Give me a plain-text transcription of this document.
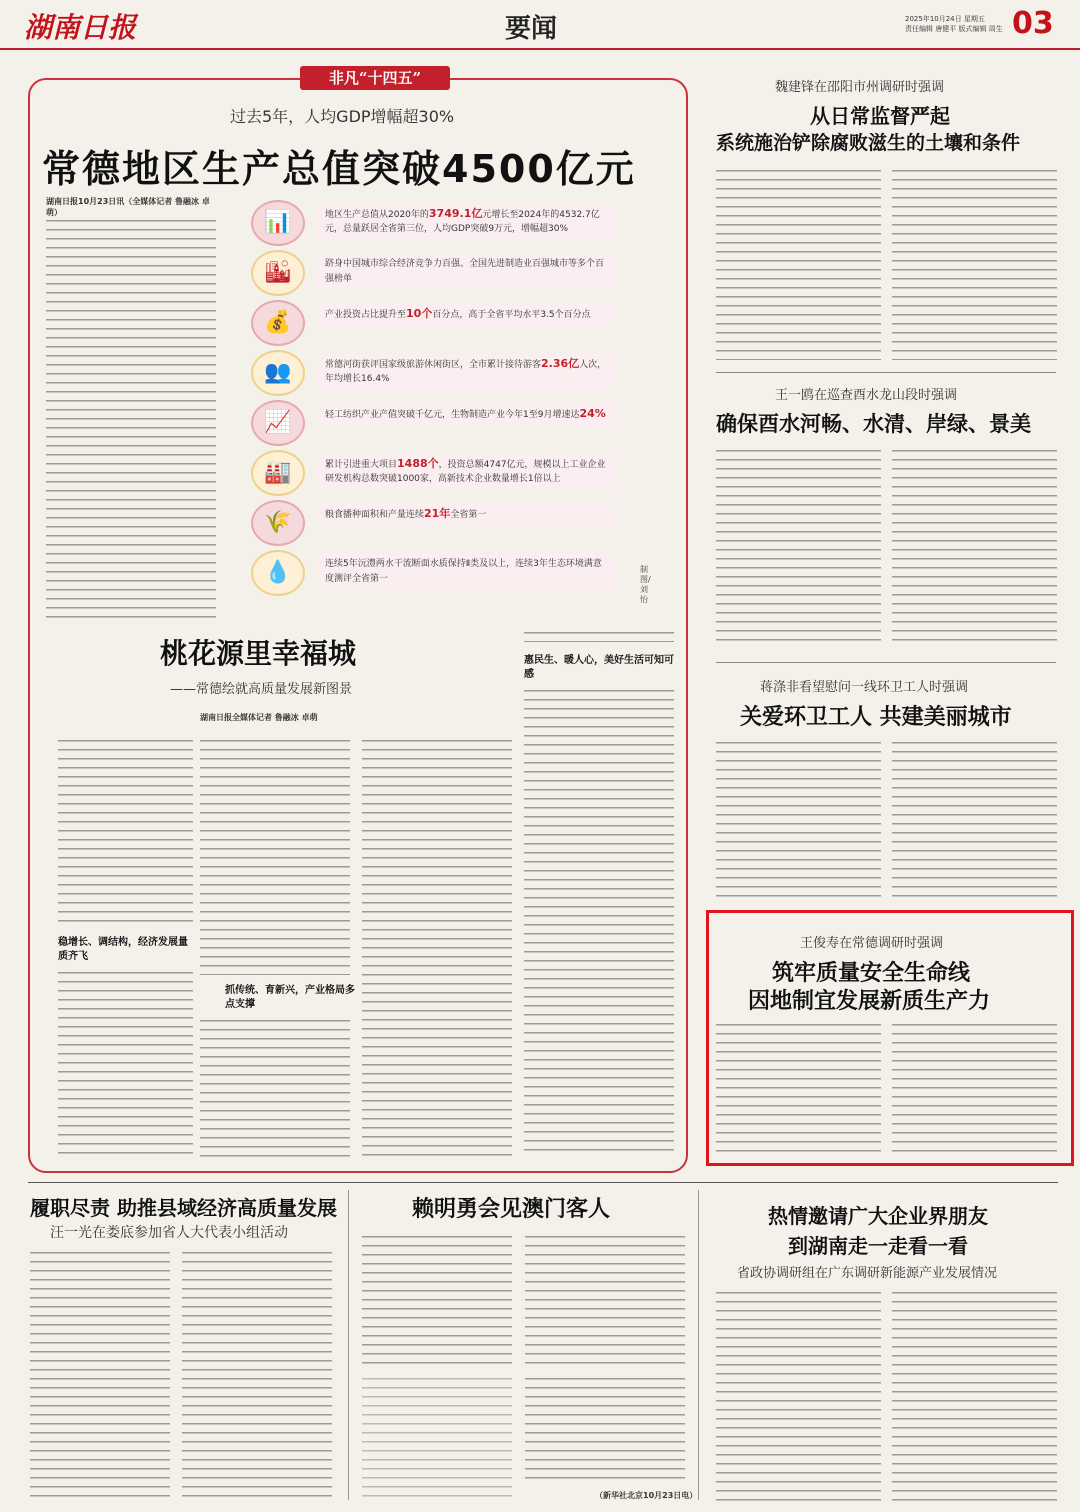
湖南日报	要闻	2025年10月24日 星期五
责任编辑 唐健平 版式编辑 周生 03
非凡“十四五”
过去5年，人均GDP增幅超30%
常德地区生产总值突破4500亿元
湖南日报10月23日讯（全媒体记者 鲁融冰 卓萌）	📊	地区生产总值从2020年的3749.1亿元增长至2024年的4532.7亿元，总量跃居全省第三位，人均GDP突破9万元，增幅超30%
🏙	跻身中国城市综合经济竞争力百强、全国先进制造业百强城市等多个百强榜单
💰	产业投资占比提升至10个百分点，高于全省平均水平3.5个百分点
👥	常德河街获评国家级旅游休闲街区，全市累计接待游客2.36亿人次，年均增长16.4%
📈	轻工纺织产业产值突破千亿元，生物制造产业今年1至9月增速达24%
🏭	累计引进重大项目1488个，投资总额4747亿元，规模以上工业企业研发机构总数突破1000家，高新技术企业数量增长1倍以上
🌾	粮食播种面积和产量连续21年全省第一
💧	连续5年沅澧两水干流断面水质保持Ⅱ类及以上，连续3年生态环境满意度测评全省第一
制图/刘怡
桃花源里幸福城
——常德绘就高质量发展新图景
湖南日报全媒体记者 鲁融冰 卓萌
稳增长、调结构，经济发展量质齐飞
抓传统、育新兴，产业格局多点支撑
惠民生、暖人心，美好生活可知可感
魏建锋在邵阳市州调研时强调
从日常监督严起
系统施治铲除腐败滋生的土壤和条件
王一鸥在巡查酉水龙山段时强调
确保酉水河畅、水清、岸绿、景美
蒋涤非看望慰问一线环卫工人时强调
关爱环卫工人 共建美丽城市
王俊寿在常德调研时强调
筑牢质量安全生命线
因地制宜发展新质生产力
履职尽责 助推县域经济高质量发展
汪一光在娄底参加省人大代表小组活动
赖明勇会见澳门客人
（新华社北京10月23日电）
热情邀请广大企业界朋友
到湖南走一走看一看
省政协调研组在广东调研新能源产业发展情况
